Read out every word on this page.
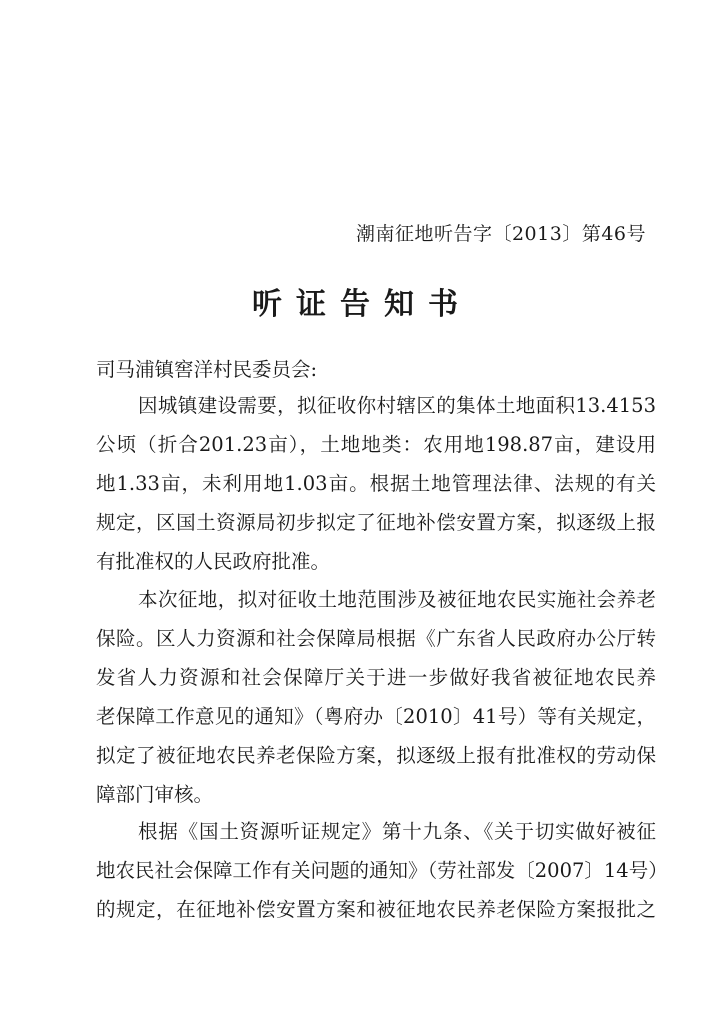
潮南征地听告字〔2013〕第46号
听证告知书
司马浦镇窖洋村民委员会:
因城镇建设需要，拟征收你村辖区的集体土地面积13.4153
公顷（折合201.23亩），土地地类：农用地198.87亩，建设用
地1.33亩，未利用地1.03亩。根据土地管理法律、法规的有关
规定，区国土资源局初步拟定了征地补偿安置方案，拟逐级上报
有批准权的人民政府批准。
本次征地，拟对征收土地范围涉及被征地农民实施社会养老
保险。区人力资源和社会保障局根据《广东省人民政府办公厅转
发省人力资源和社会保障厅关于进一步做好我省被征地农民养
老保障工作意见的通知》（粤府办〔2010〕41号）等有关规定，
拟定了被征地农民养老保险方案，拟逐级上报有批准权的劳动保
障部门审核。
根据《国土资源听证规定》第十九条、《关于切实做好被征
地农民社会保障工作有关问题的通知》（劳社部发〔2007〕14号）
的规定，在征地补偿安置方案和被征地农民养老保险方案报批之
